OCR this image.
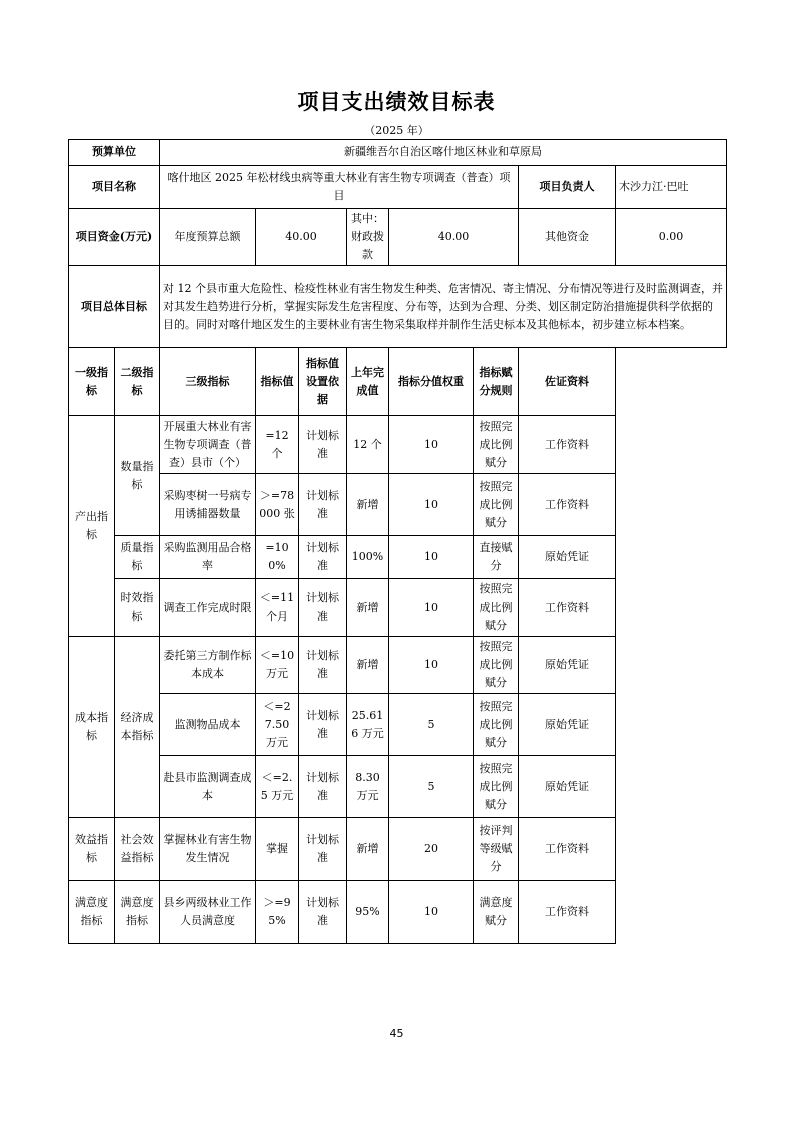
项目支出绩效目标表
（2025 年）
预算单位		新疆维吾尔自治区喀什地区林业和草原局							
项目名称		喀什地区 2025 年松材线虫病等重大林业有害生物专项调查（普查）项目						项目负责人	木沙力江·巴吐
项目资金(万元)		年度预算总额	40.00		其中：财政拨款	40.00		其他资金	0.00
项目总体目标		对 12 个县市重大危险性、检疫性林业有害生物发生种类、危害情况、寄主情况、分布情况等进行及时监测调查，并对其发生趋势进行分析，掌握实际发生危害程度、分布等，达到为合理、分类、划区制定防治措施提供科学依据的目的。同时对喀什地区发生的主要林业有害生物采集取样并制作生活史标本及其他标本，初步建立标本档案。							
一级指标	二级指标	三级指标	指标值	指标值设置依据	上年完成值	指标分值权重	指标赋分规则	佐证资料	
产出指标	数量指标	开展重大林业有害生物专项调查（普查）县市（个）	=12 个	计划标准	12 个	10	按照完成比例赋分	工作资料	
		采购枣树一号病专用诱捕器数量	＞=78000 张	计划标准	新增	10	按照完成比例赋分	工作资料	
	质量指标	采购监测用品合格率	=100%	计划标准	100%	10	直接赋分	原始凭证	
	时效指标	调查工作完成时限	＜=11 个月	计划标准	新增	10	按照完成比例赋分	工作资料	
成本指标	经济成本指标	委托第三方制作标本成本	＜=10 万元	计划标准	新增	10	按照完成比例赋分	原始凭证	
		监测物品成本	＜=27.50 万元	计划标准	25.616 万元	5	按照完成比例赋分	原始凭证	
		赴县市监测调查成本	＜=2.5 万元	计划标准	8.30 万元	5	按照完成比例赋分	原始凭证	
效益指标	社会效益指标	掌握林业有害生物发生情况	掌握	计划标准	新增	20	按评判等级赋分	工作资料	
满意度指标	满意度指标	县乡两级林业工作人员满意度	＞=95%	计划标准	95%	10	满意度赋分	工作资料	
45
